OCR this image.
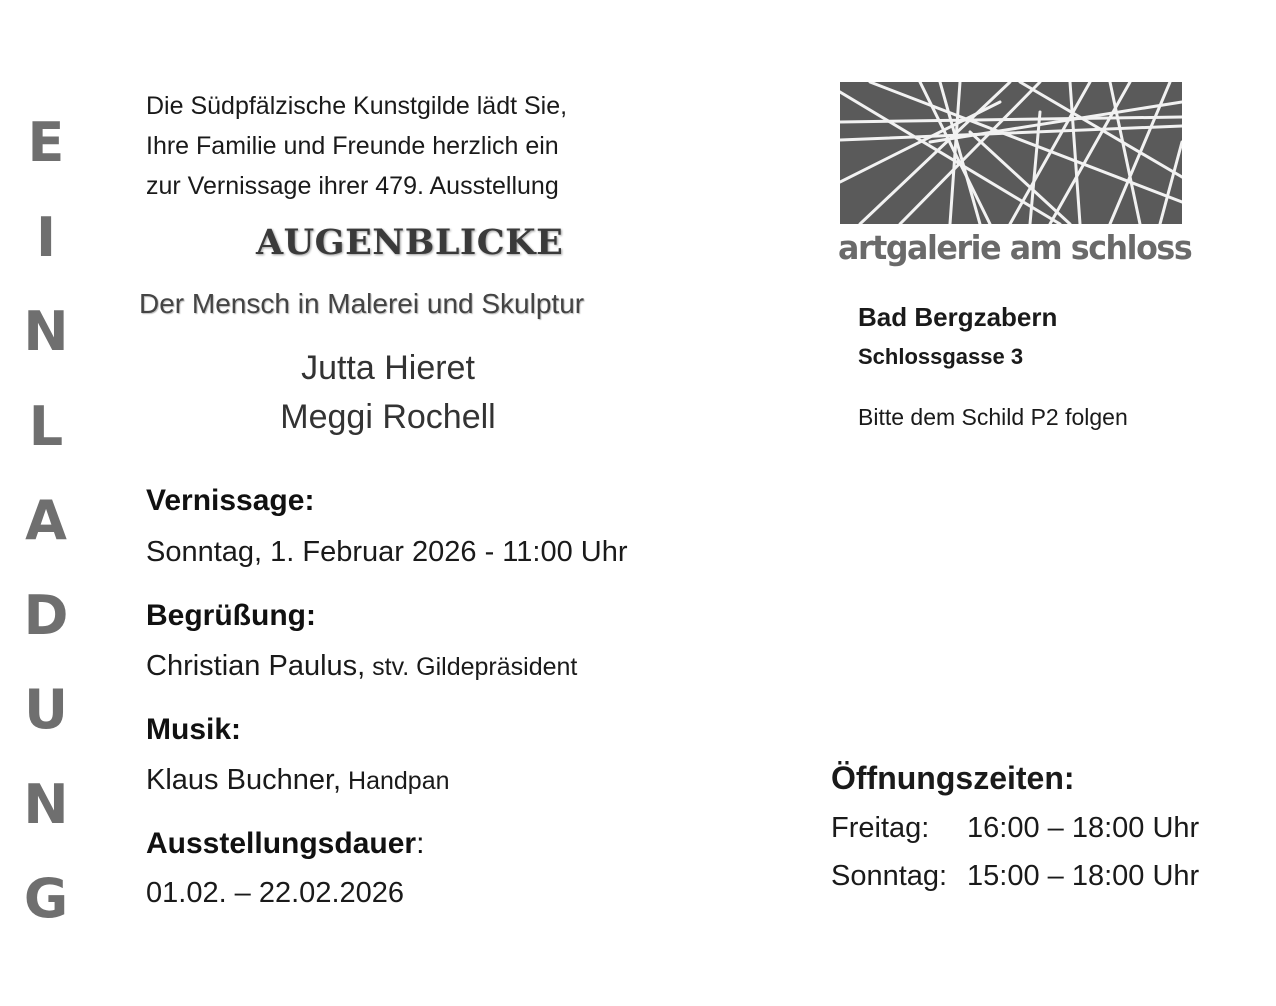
E
I
N
L
A
D
U
N
G
Die Südpfälzische Kunstgilde lädt Sie,
Ihre Familie und Freunde herzlich ein
zur Vernissage ihrer 479. Ausstellung
AUGENBLICKE
Der Mensch in Malerei und Skulptur
Jutta Hieret
Meggi Rochell
Vernissage:
Sonntag, 1. Februar 2026 - 11:00 Uhr
Begrüßung:
Christian Paulus, stv. Gildepräsident
Musik:
Klaus Buchner, Handpan
Ausstellungsdauer:
01.02. – 22.02.2026
artgalerie am schloss
Bad Bergzabern
Schlossgasse 3
Bitte dem Schild P2 folgen
Öffnungszeiten:
Freitag: 16:00 – 18:00 Uhr
Sonntag: 15:00 – 18:00 Uhr
